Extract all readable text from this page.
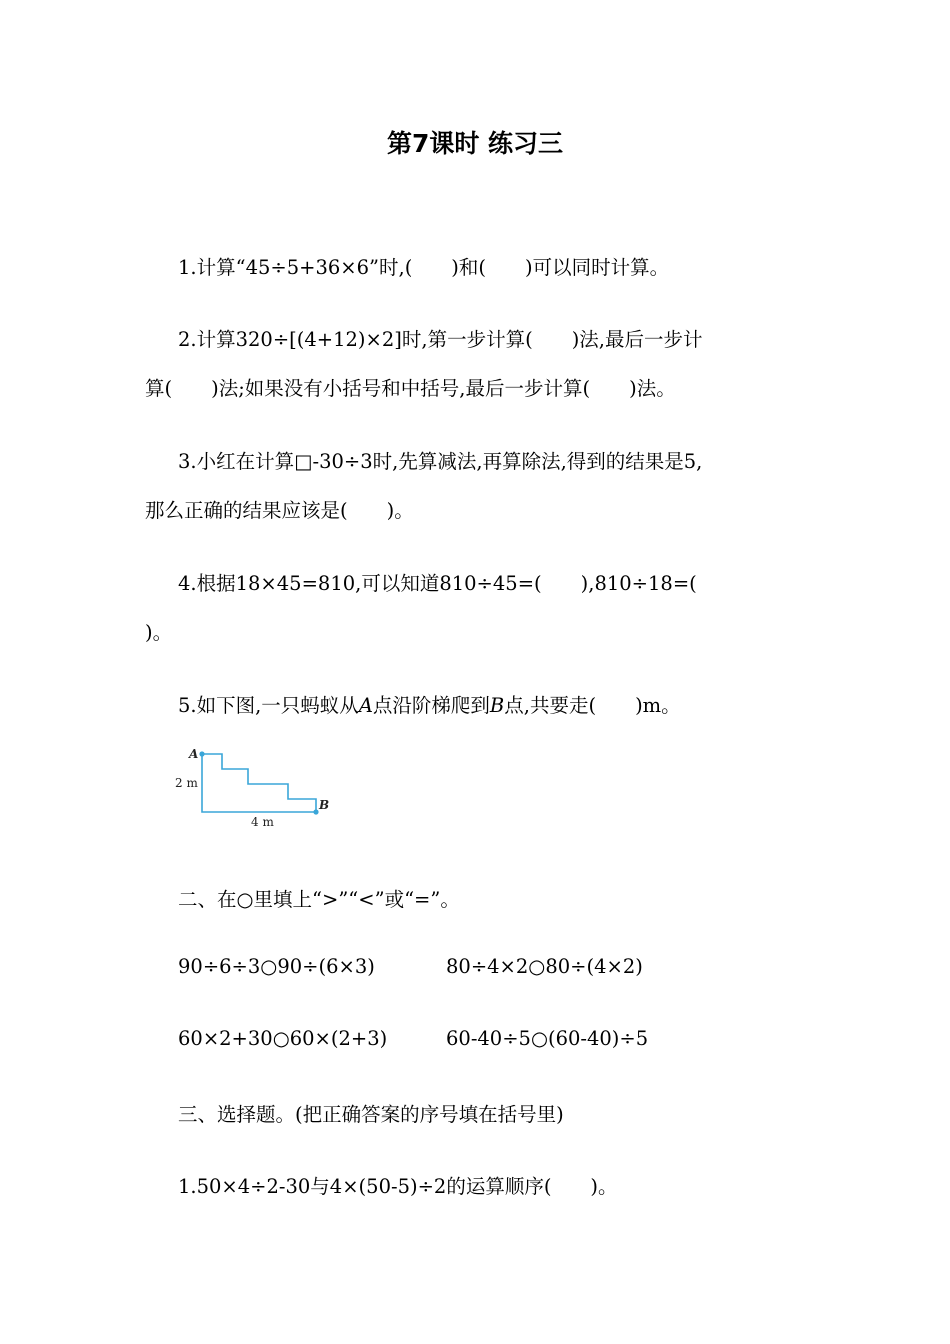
第7课时 练习三
1.计算“45÷5+36×6”时,(　　)和(　　)可以同时计算。
2.计算320÷[(4+12)×2]时,第一步计算(　　)法,最后一步计
算(　　)法;如果没有小括号和中括号,最后一步计算(　　)法。
3.小红在计算□-30÷3时,先算减法,再算除法,得到的结果是5,
那么正确的结果应该是(　　)。
4.根据18×45=810,可以知道810÷45=(　　),810÷18=(
)。
5.如下图,一只蚂蚁从A点沿阶梯爬到B点,共要走(　　)m。
A
B
2 m
4 m
二、在○里填上“>”“<”或“=”。
90÷6÷3○90÷(6×3)	80÷4×2○80÷(4×2)
60×2+30○60×(2+3)	60-40÷5○(60-40)÷5
三、选择题。(把正确答案的序号填在括号里)
1.50×4÷2-30与4×(50-5)÷2的运算顺序(　　)。
